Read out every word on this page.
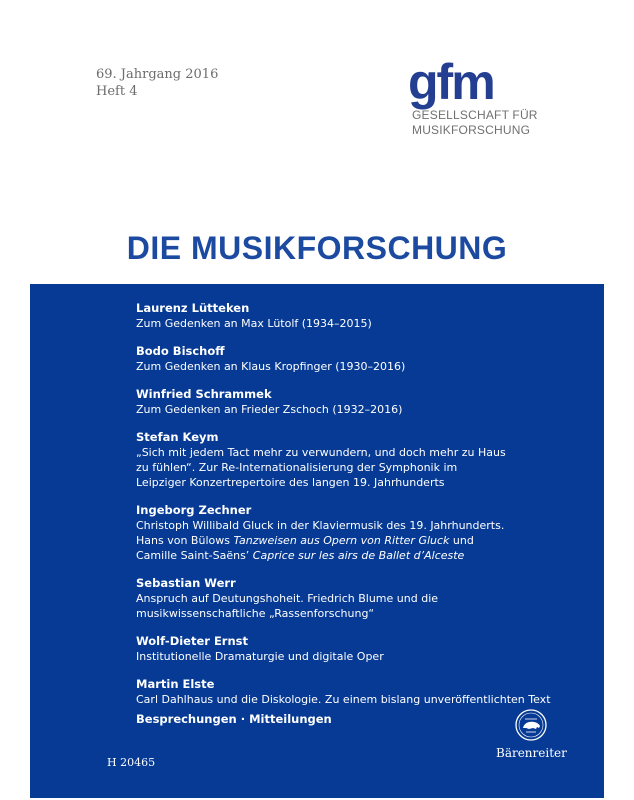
69. Jahrgang 2016
Heft 4	gfm
GESELLSCHAFT FÜR
MUSIKFORSCHUNG
DIE MUSIKFORSCHUNG
Laurenz Lütteken
Zum Gedenken an Max Lütolf (1934–2015)
Bodo Bischoff
Zum Gedenken an Klaus Kropfinger (1930–2016)
Winfried Schrammek
Zum Gedenken an Frieder Zschoch (1932–2016)
Stefan Keym
„Sich mit jedem Tact mehr zu verwundern, und doch mehr zu Haus
zu fühlen“. Zur Re-Internationalisierung der Symphonik im
Leipziger Konzertrepertoire des langen 19. Jahrhunderts
Ingeborg Zechner
Christoph Willibald Gluck in der Klaviermusik des 19. Jahrhunderts.
Hans von Bülows Tanzweisen aus Opern von Ritter Gluck und
Camille Saint-Saëns’ Caprice sur les airs de Ballet d’Alceste
Sebastian Werr
Anspruch auf Deutungshoheit. Friedrich Blume und die
musikwissenschaftliche „Rassenforschung“
Wolf-Dieter Ernst
Institutionelle Dramaturgie und digitale Oper
Martin Elste
Carl Dahlhaus und die Diskologie. Zu einem bislang unveröffentlichten Text
Besprechungen · Mitteilungen
H 20465
Bärenreiter
